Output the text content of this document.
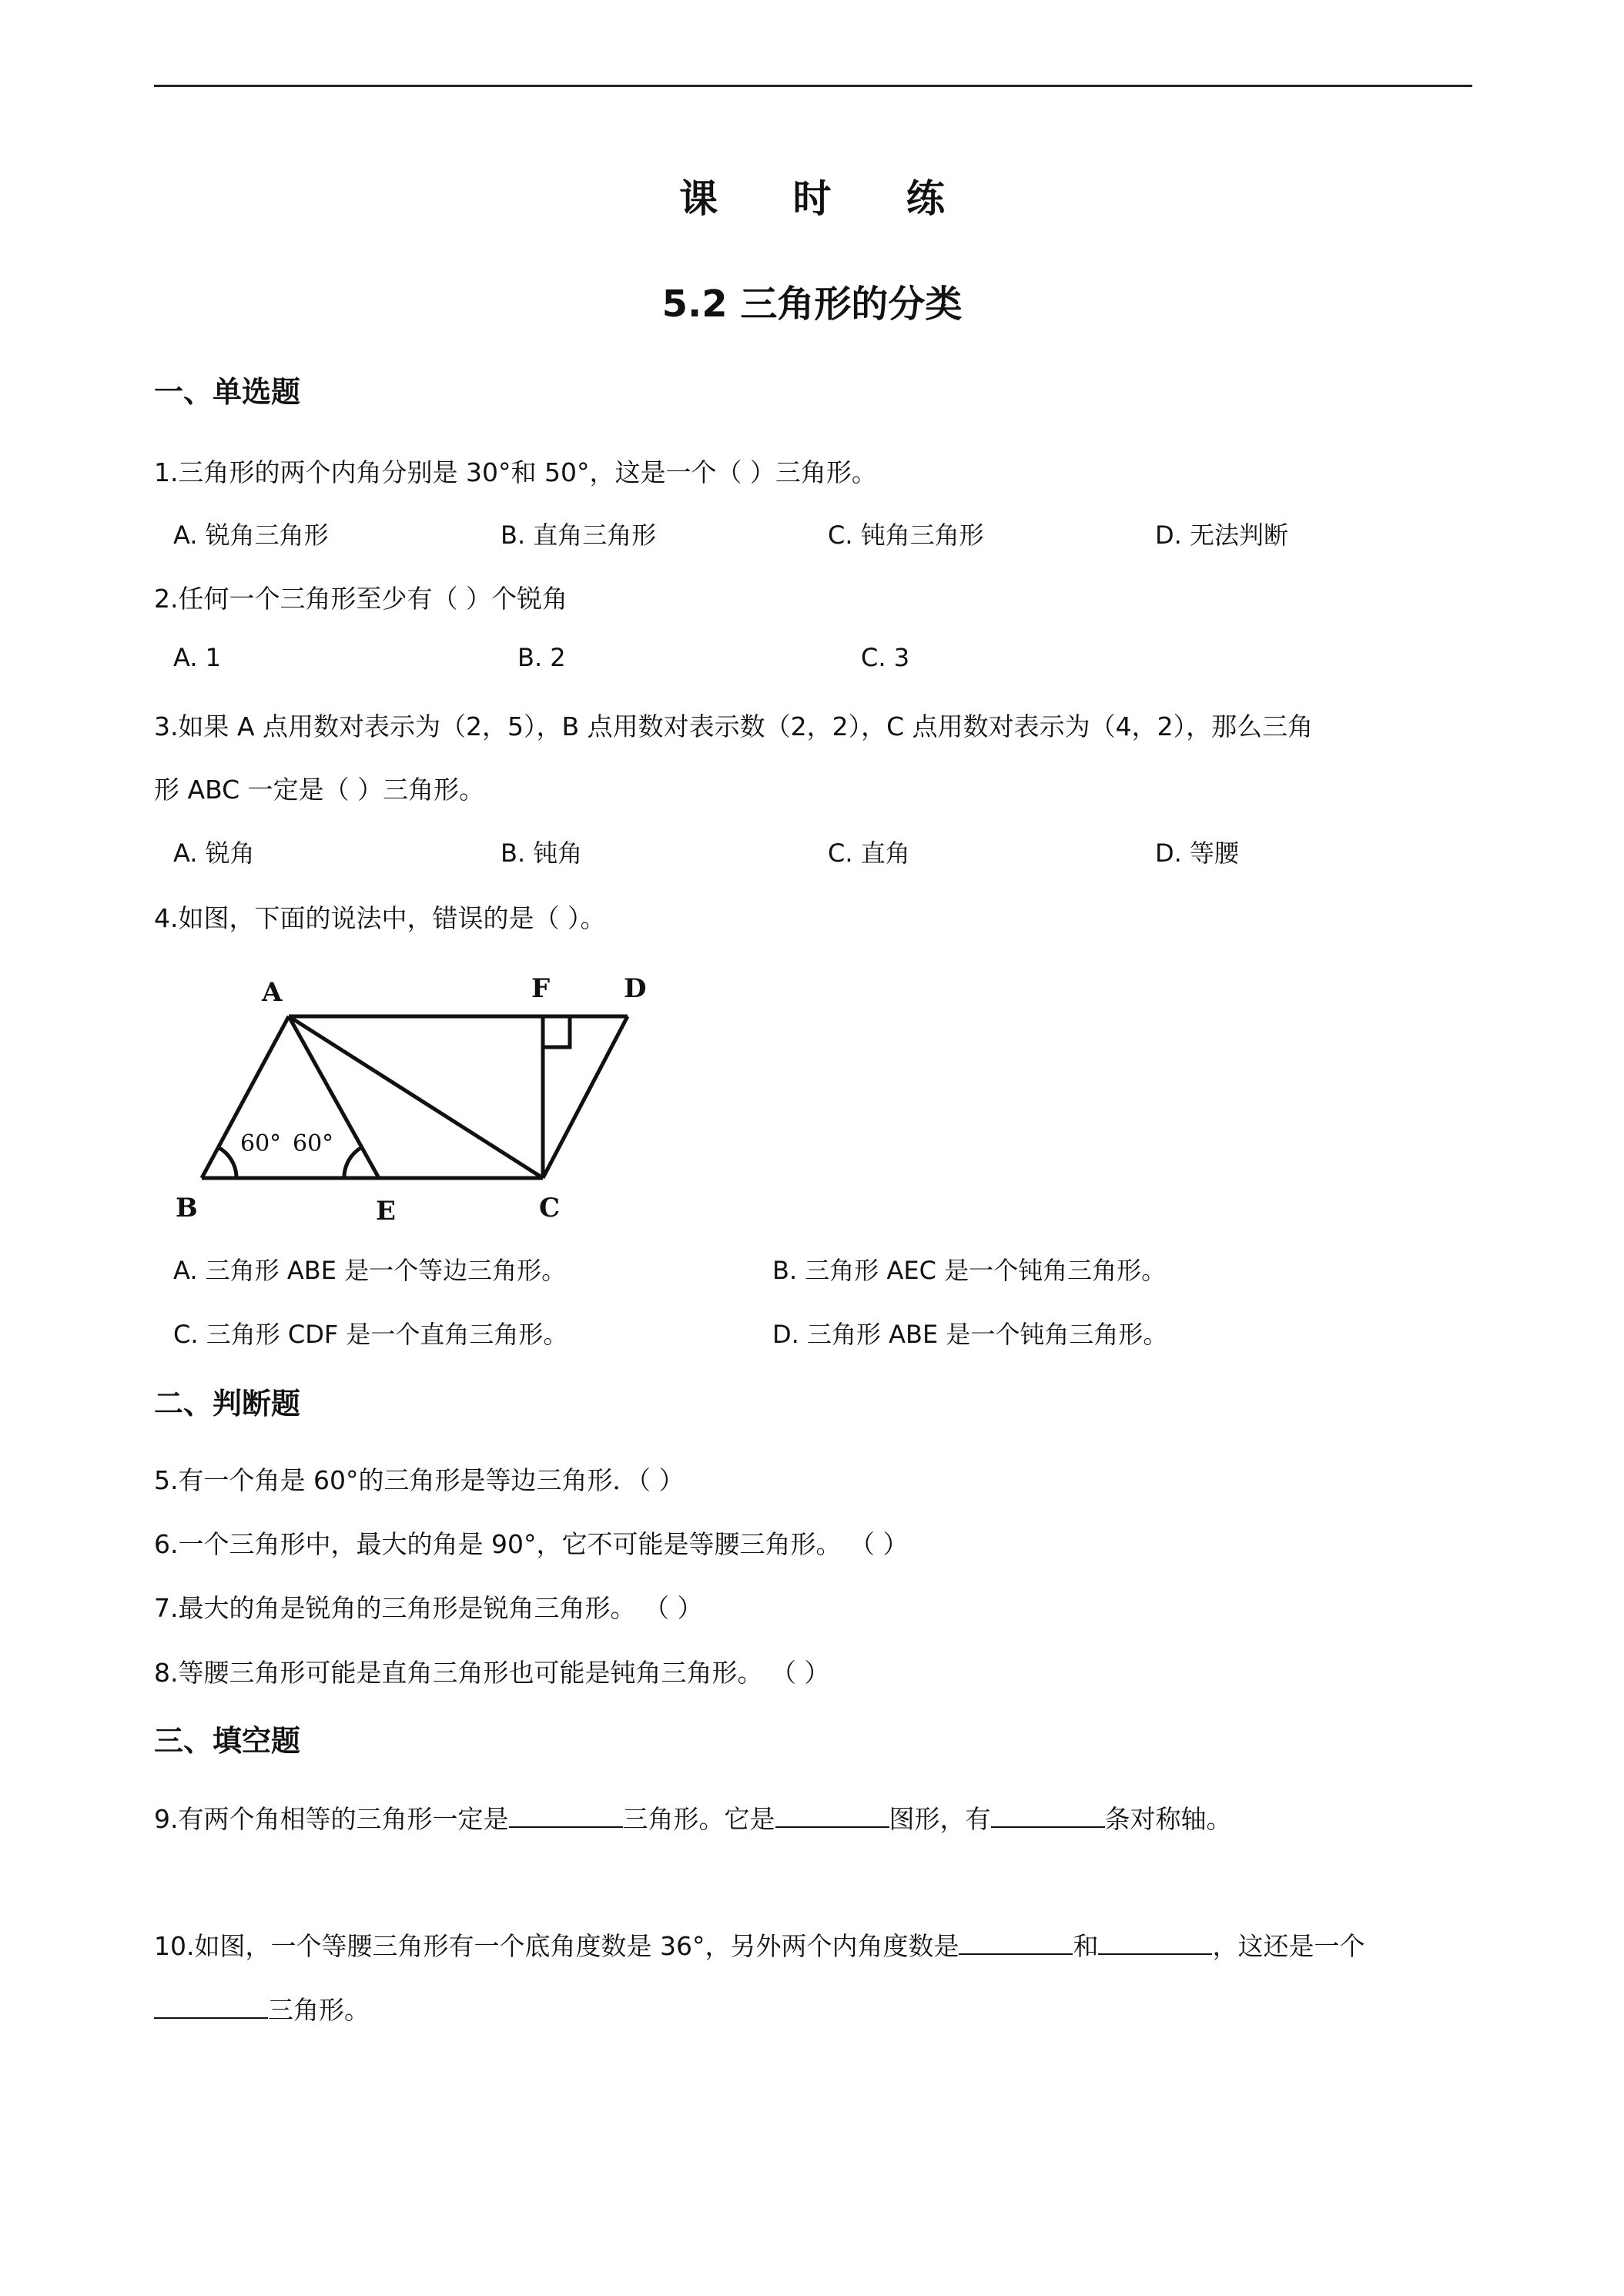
课 时 练
5.2 三角形的分类
一、单选题
1.三角形的两个内角分别是 30°和 50°，这是一个（ ）三角形。
A. 锐角三角形	B. 直角三角形	C. 钝角三角形	D. 无法判断
2.任何一个三角形至少有（ ）个锐角
A. 1	B. 2	C. 3
3.如果 A 点用数对表示为（2，5），B 点用数对表示数（2，2），C 点用数对表示为（4，2），那么三角
形 ABC 一定是（ ）三角形。
A. 锐角	B. 钝角	C. 直角	D. 等腰
4.如图，下面的说法中，错误的是（ ）。
A	F	D
B	E	C
60° 60°
A. 三角形 ABE 是一个等边三角形。	B. 三角形 AEC 是一个钝角三角形。
C. 三角形 CDF 是一个直角三角形。	D. 三角形 ABE 是一个钝角三角形。
二、判断题
5.有一个角是 60°的三角形是等边三角形．（ ）
6.一个三角形中，最大的角是 90°，它不可能是等腰三角形。 （ ）
7.最大的角是锐角的三角形是锐角三角形。 （ ）
8.等腰三角形可能是直角三角形也可能是钝角三角形。 （ ）
三、填空题
9.有两个角相等的三角形一定是	三角形。它是	图形，有	条对称轴。
10.如图，一个等腰三角形有一个底角度数是 36°，另外两个内角度数是	和	，这还是一个
三角形。
